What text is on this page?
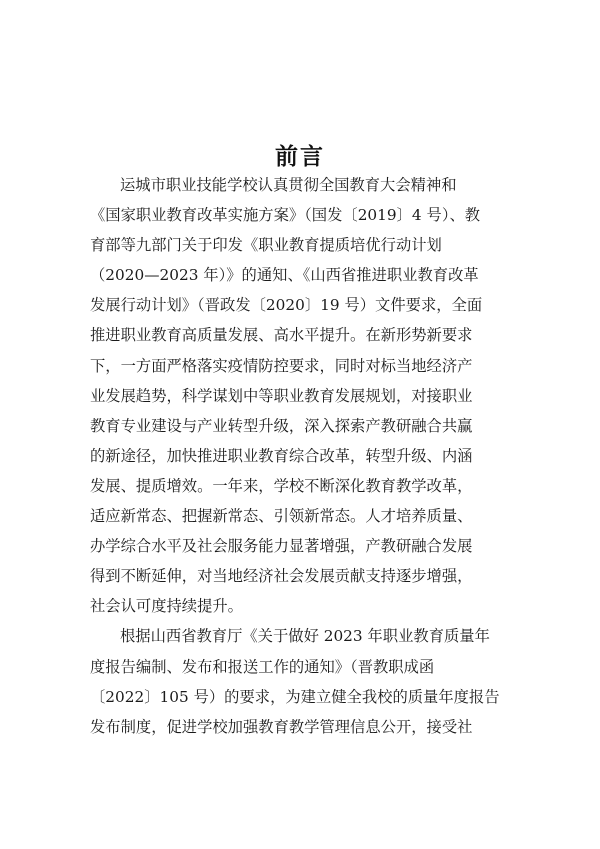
前言
运城市职业技能学校认真贯彻全国教育大会精神和
《国家职业教育改革实施方案》（国发〔2019〕4 号）、教
育部等九部门关于印发《职业教育提质培优行动计划
（2020—2023 年）》的通知、《山西省推进职业教育改革
发展行动计划》（晋政发〔2020〕19 号）文件要求，全面
推进职业教育高质量发展、高水平提升。在新形势新要求
下，一方面严格落实疫情防控要求，同时对标当地经济产
业发展趋势，科学谋划中等职业教育发展规划，对接职业
教育专业建设与产业转型升级，深入探索产教研融合共赢
的新途径，加快推进职业教育综合改革，转型升级、内涵
发展、提质增效。一年来，学校不断深化教育教学改革，
适应新常态、把握新常态、引领新常态。人才培养质量、
办学综合水平及社会服务能力显著增强，产教研融合发展
得到不断延伸，对当地经济社会发展贡献支持逐步增强，
社会认可度持续提升。
根据山西省教育厅《关于做好 2023 年职业教育质量年
度报告编制、发布和报送工作的通知》（晋教职成函
〔2022〕105 号）的要求，为建立健全我校的质量年度报告
发布制度，促进学校加强教育教学管理信息公开，接受社
